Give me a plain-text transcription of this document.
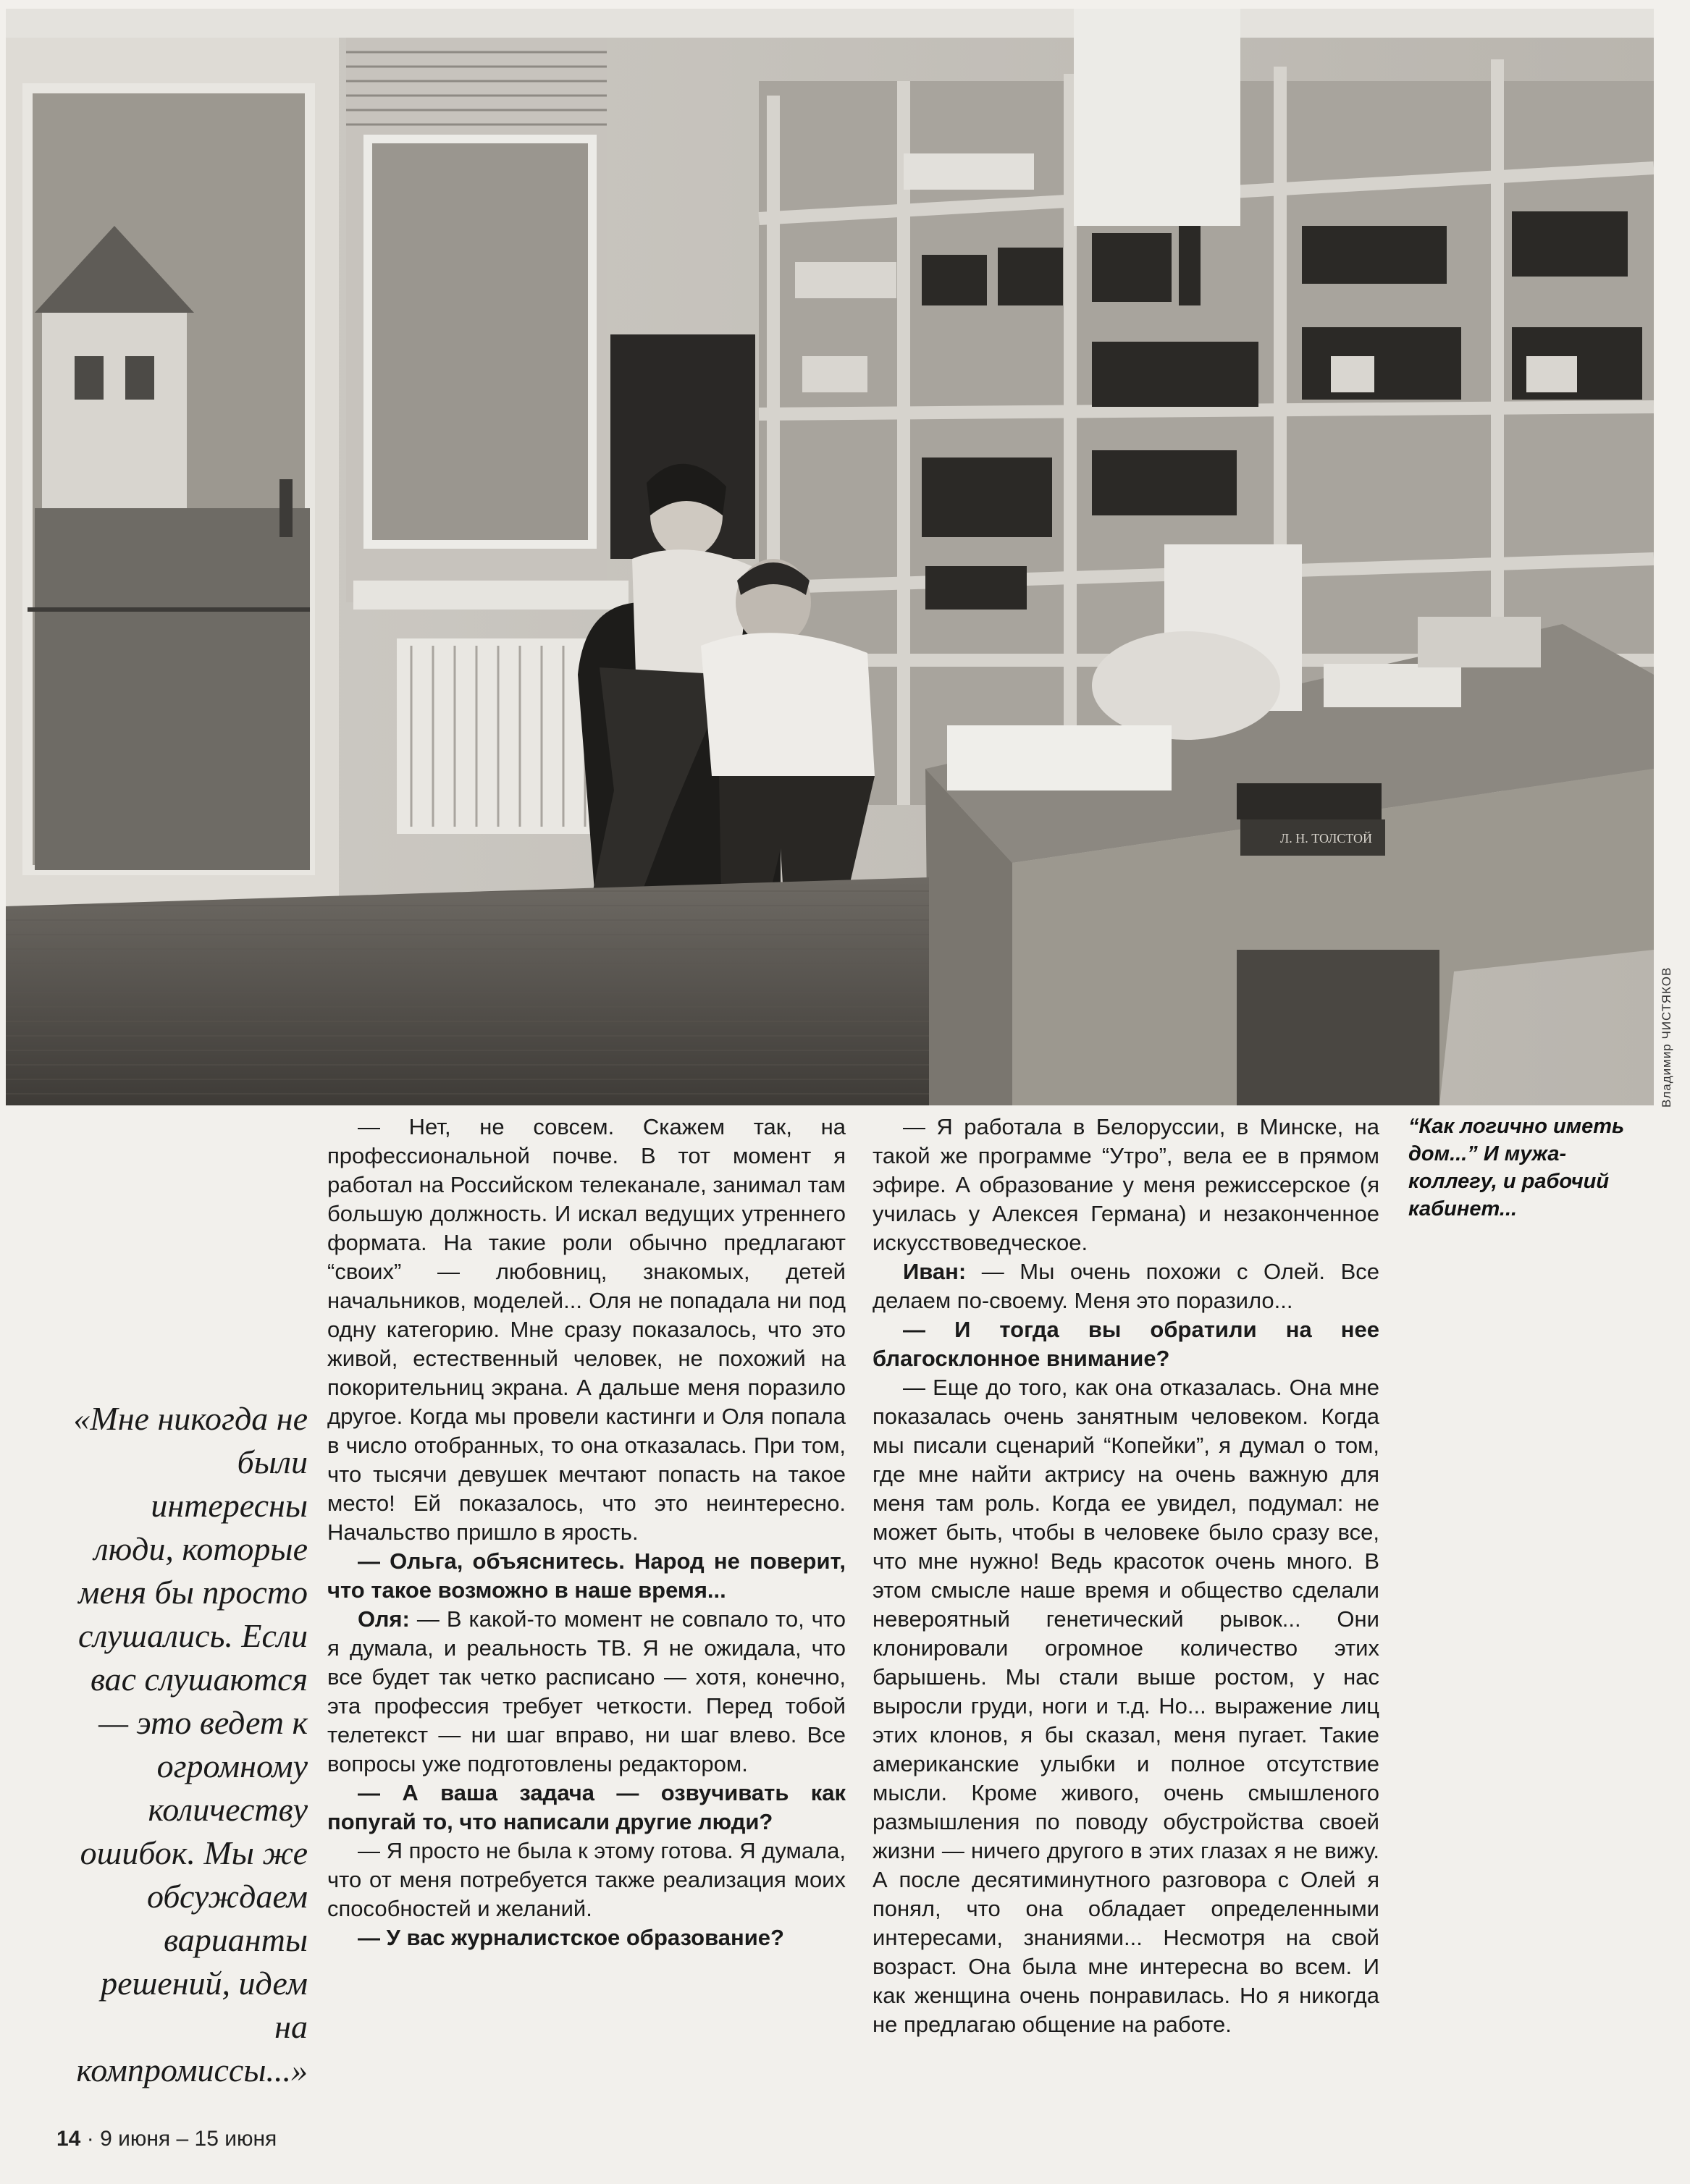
Л. Н. ТОЛСТОЙ
Владимир ЧИСТЯКОВ
«Мне никогда не были интересны люди, которые меня бы просто слушались. Если вас слушаются — это ведет к огромному количеству ошибок. Мы же обсуждаем варианты решений, идем на компромиссы...»

— Нет, не совсем. Скажем так, на профессиональной почве. В тот момент я работал на Российском телеканале, занимал там большую должность. И искал ведущих утреннего формата. На такие роли обычно предлагают “своих” — любовниц, знакомых, детей начальников, моделей... Оля не попадала ни под одну категорию. Мне сразу показалось, что это живой, естественный человек, не похожий на покорительниц экрана. А дальше меня поразило другое. Когда мы провели кастинги и Оля попала в число отобранных, то она отказалась. При том, что тысячи девушек мечтают попасть на такое место! Ей показалось, что это неинтересно. Начальство пришло в ярость.

— Ольга, объяснитесь. Народ не поверит, что такое возможно в наше время...

Оля: — В какой-то момент не совпало то, что я думала, и реальность ТВ. Я не ожидала, что все будет так четко расписано — хотя, конечно, эта профессия требует четкости. Перед тобой телетекст — ни шаг вправо, ни шаг влево. Все вопросы уже подготовлены редактором.

— А ваша задача — озвучивать как попугай то, что написали другие люди?

— Я просто не была к этому готова. Я думала, что от меня потребуется также реализация моих способностей и желаний.

— У вас журналистское образование?

— Я работала в Белоруссии, в Минске, на такой же программе “Утро”, вела ее в прямом эфире. А образование у меня режиссерское (я училась у Алексея Германа) и незаконченное искусствоведческое.

Иван: — Мы очень похожи с Олей. Все делаем по-своему. Меня это поразило...

— И тогда вы обратили на нее благосклонное внимание?

— Еще до того, как она отказалась. Она мне показалась очень занятным человеком. Когда мы писали сценарий “Копейки”, я думал о том, где мне найти актрису на очень важную для меня там роль. Когда ее увидел, подумал: не может быть, чтобы в человеке было сразу все, что мне нужно! Ведь красоток очень много. В этом смысле наше время и общество сделали невероятный генетический рывок... Они клонировали огромное количество этих барышень. Мы стали выше ростом, у нас выросли груди, ноги и т.д. Но... выражение лиц этих клонов, я бы сказал, меня пугает. Такие американские улыбки и полное отсутствие мысли. Кроме живого, очень смышленого размышления по поводу обустройства своей жизни — ничего другого в этих глазах я не вижу. А после десятиминутного разговора с Олей я понял, что она обладает определенными интересами, знаниями... Несмотря на свой возраст. Она была мне интересна во всем. И как женщина очень понравилась. Но я никогда не предлагаю общение на работе.

“Как логично иметь дом...” И мужа-коллегу, и рабочий кабинет...
14 · 9 июня – 15 июня
